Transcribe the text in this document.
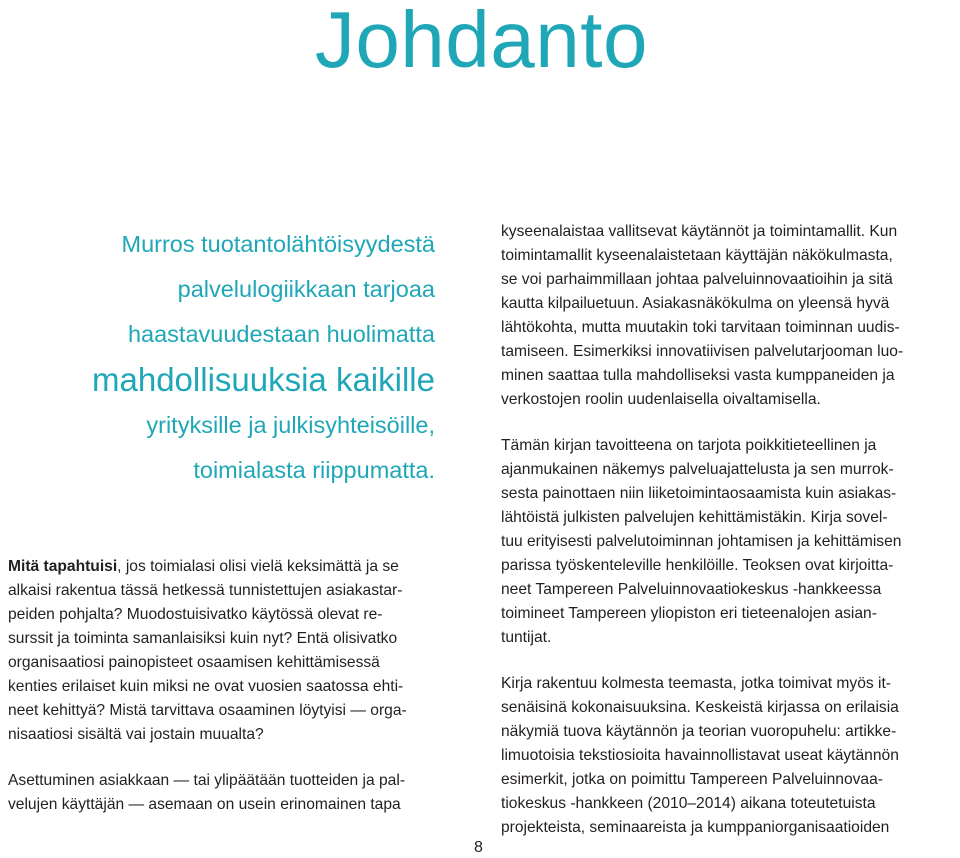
Johdanto
Murros tuotantolähtöisyydestä
palvelulogiikkaan tarjoaa
haastavuudestaan huolimatta
mahdollisuuksia kaikille
yrityksille ja julkisyhteisöille,
toimialasta riippumatta.

Mitä tapahtuisi, jos toimialasi olisi vielä keksimättä ja se
alkaisi rakentua tässä hetkessä tunnistettujen asiakastar-
peiden pohjalta? Muodostuisivatko käytössä olevat re-
surssit ja toiminta samanlaisiksi kuin nyt? Entä olisivatko
organisaatiosi painopisteet osaamisen kehittämisessä
kenties erilaiset kuin miksi ne ovat vuosien saatossa ehti-
neet kehittyä? Mistä tarvittava osaaminen löytyisi — orga-
nisaatiosi sisältä vai jostain muualta?

Asettuminen asiakkaan — tai ylipäätään tuotteiden ja pal-
velujen käyttäjän — asemaan on usein erinomainen tapa

kyseenalaistaa vallitsevat käytännöt ja toimintamallit. Kun
toimintamallit kyseenalaistetaan käyttäjän näkökulmasta,
se voi parhaimmillaan johtaa palveluinnovaatioihin ja sitä
kautta kilpailuetuun. Asiakasnäkökulma on yleensä hyvä
lähtökohta, mutta muutakin toki tarvitaan toiminnan uudis-
tamiseen. Esimerkiksi innovatiivisen palvelutarjooman luo-
minen saattaa tulla mahdolliseksi vasta kumppaneiden ja
verkostojen roolin uudenlaisella oivaltamisella.

Tämän kirjan tavoitteena on tarjota poikkitieteellinen ja
ajanmukainen näkemys palveluajattelusta ja sen murrok-
sesta painottaen niin liiketoimintaosaamista kuin asiakas-
lähtöistä julkisten palvelujen kehittämistäkin. Kirja sovel-
tuu erityisesti palvelutoiminnan johtamisen ja kehittämisen
parissa työskenteleville henkilöille. Teoksen ovat kirjoitta-
neet Tampereen Palveluinnovaatiokeskus -hankkeessa
toimineet Tampereen yliopiston eri tieteenalojen asian-
tuntijat.

Kirja rakentuu kolmesta teemasta, jotka toimivat myös it-
senäisinä kokonaisuuksina. Keskeistä kirjassa on erilaisia
näkymiä tuova käytännön ja teorian vuoropuhelu: artikke-
limuotoisia tekstiosioita havainnollistavat useat käytännön
esimerkit, jotka on poimittu Tampereen Palveluinnovaa-
tiokeskus -hankkeen (2010–2014) aikana toteutetuista
projekteista, seminaareista ja kumppaniorganisaatioiden

8
